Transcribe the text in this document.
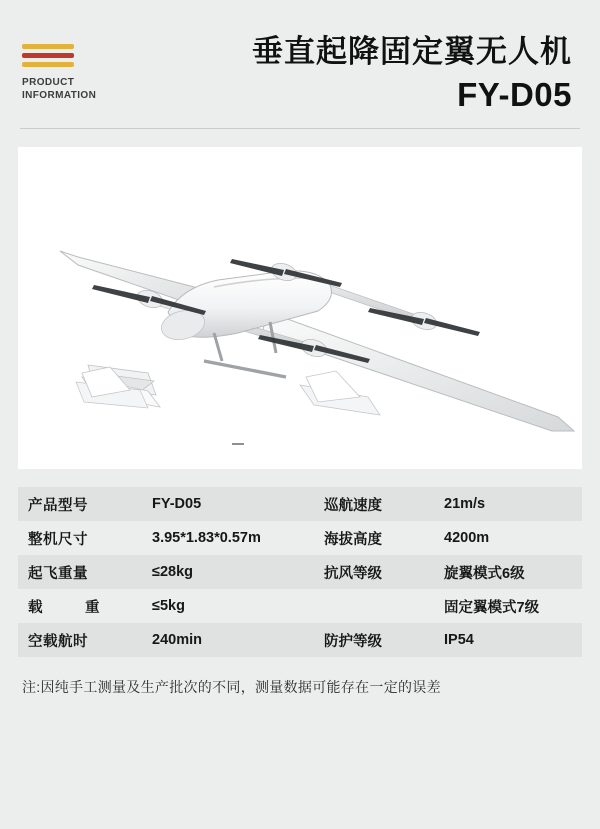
PRODUCT
INFORMATION
垂直起降固定翼无人机
FY-D05
产品型号	FY-D05	巡航速度	21m/s
整机尺寸	3.95*1.83*0.57m	海拔高度	4200m
起飞重量	≤28kg	抗风等级	旋翼模式6级
载 重	≤5kg		固定翼模式7级
空载航时	240min	防护等级	IP54
注:因纯手工测量及生产批次的不同，测量数据可能存在一定的误差
